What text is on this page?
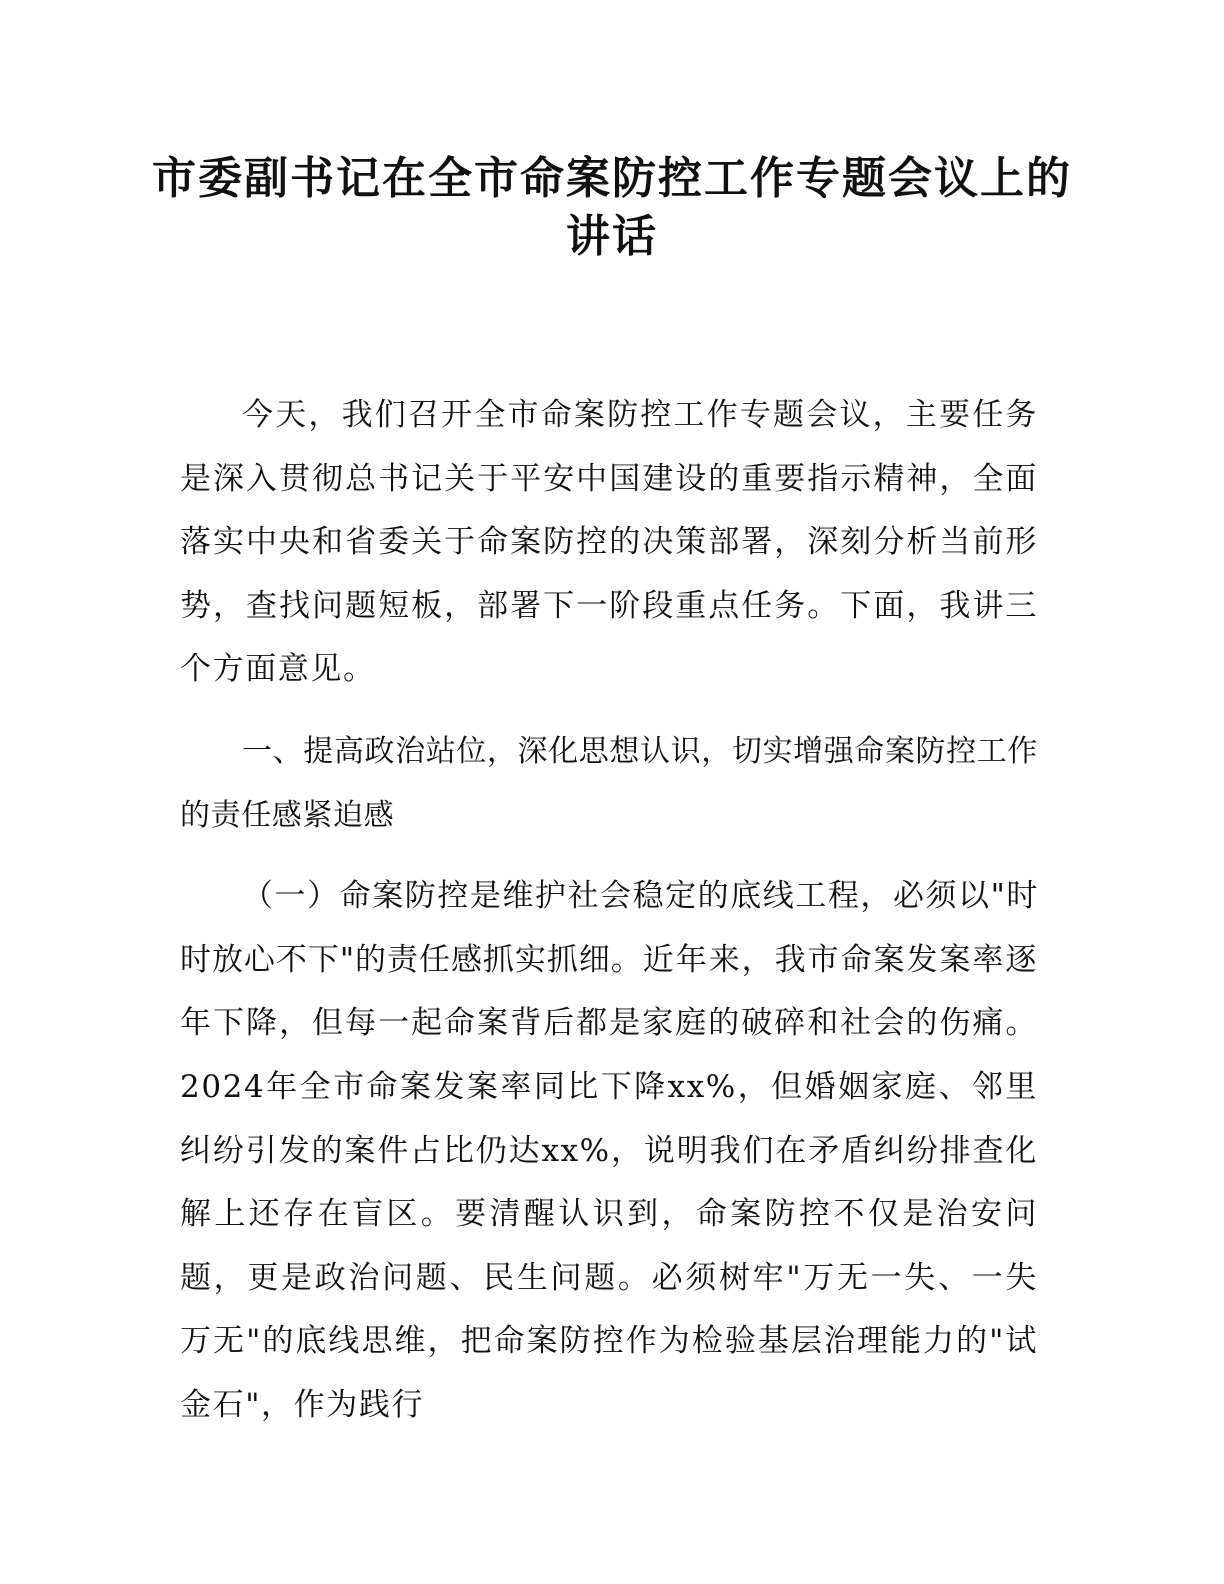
市委副书记在全市命案防控工作专题会议上的讲话

今天，我们召开全市命案防控工作专题会议，主要任务是深入贯彻总书记关于平安中国建设的重要指示精神，全面落实中央和省委关于命案防控的决策部署，深刻分析当前形势，查找问题短板，部署下一阶段重点任务。下面，我讲三个方面意见。

一、提高政治站位，深化思想认识，切实增强命案防控工作的责任感紧迫感

（一）命案防控是维护社会稳定的底线工程，必须以"时时放心不下"的责任感抓实抓细。近年来，我市命案发案率逐年下降，但每一起命案背后都是家庭的破碎和社会的伤痛。2024年全市命案发案率同比下降xx%，但婚姻家庭、邻里纠纷引发的案件占比仍达xx%，说明我们在矛盾纠纷排查化解上还存在盲区。要清醒认识到，命案防控不仅是治安问题，更是政治问题、民生问题。必须树牢"万无一失、一失万无"的底线思维，把命案防控作为检验基层治理能力的"试金石"，作为践行
